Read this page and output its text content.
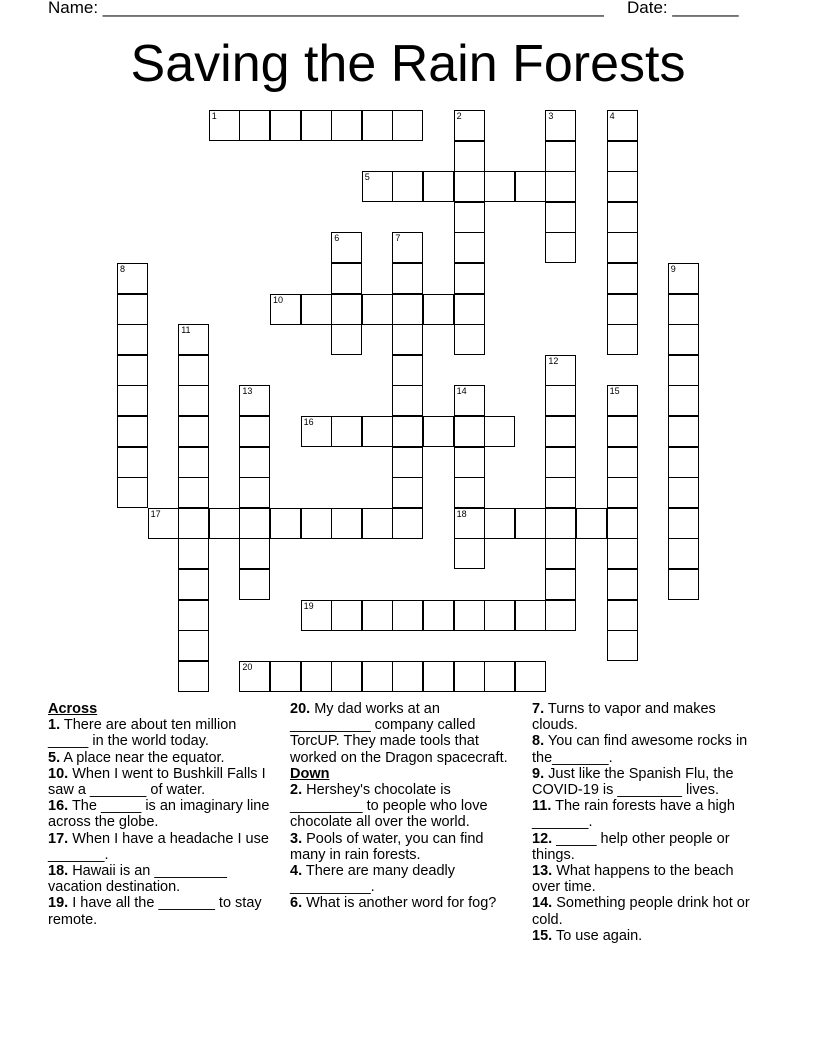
Name: _____________________________________________________ Date: _______
Saving the Rain Forests
1	2	3	4
5
6	7
8	9
10
11
12
13	14
18
15
16
17
19
20
Across
1. There are about ten million _____ in the world today.
5. A place near the equator.
10. When I went to Bushkill Falls I saw a _______ of water.
16. The _____ is an imaginary line across the globe.
17. When I have a headache I use _______.
18. Hawaii is an _________ vacation destination.
19. I have all the _______ to stay remote.
20. My dad works at an __________ company called TorcUP. They made tools that worked on the Dragon spacecraft.
Down
2. Hershey's chocolate is _________ to people who love chocolate all over the world.
3. Pools of water, you can find many in rain forests.
4. There are many deadly __________.
6. What is another word for fog?
7. Turns to vapor and makes clouds.
8. You can find awesome rocks in the_______.
9. Just like the Spanish Flu, the COVID-19 is ________ lives.
11. The rain forests have a high _______.
12. _____ help other people or things.
13. What happens to the beach over time.
14. Something people drink hot or cold.
15. To use again.
